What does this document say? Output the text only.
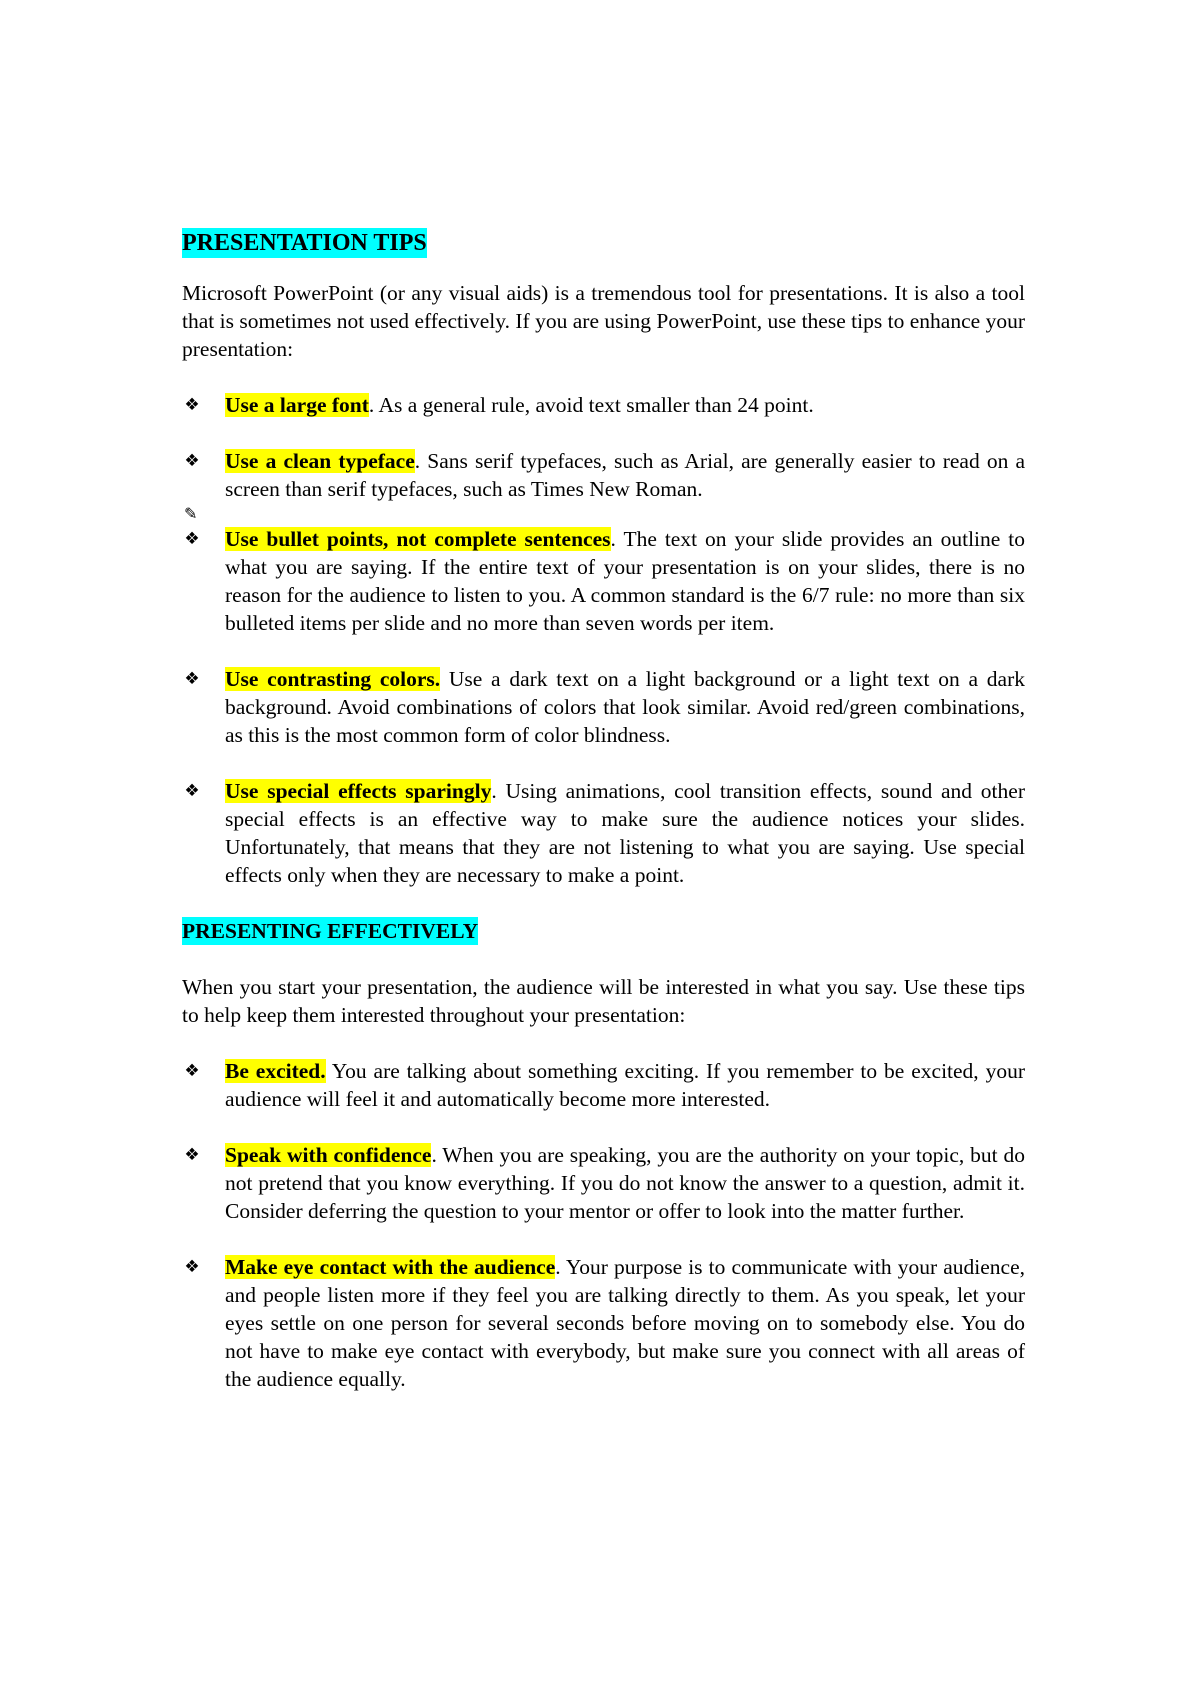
PRESENTATION TIPS

Microsoft PowerPoint (or any visual aids) is a tremendous tool for presentations. It is also a tool that is sometimes not used effectively. If you are using PowerPoint, use these tips to enhance your presentation:

❖ Use a large font. As a general rule, avoid text smaller than 24 point.
❖ Use a clean typeface. Sans serif typefaces, such as Arial, are generally easier to read on a screen than serif typefaces, such as Times New Roman.
✎
❖ Use bullet points, not complete sentences. The text on your slide provides an outline to what you are saying. If the entire text of your presentation is on your slides, there is no reason for the audience to listen to you. A common standard is the 6/7 rule: no more than six bulleted items per slide and no more than seven words per item.
❖ Use contrasting colors. Use a dark text on a light background or a light text on a dark background. Avoid combinations of colors that look similar. Avoid red/green combinations, as this is the most common form of color blindness.
❖ Use special effects sparingly. Using animations, cool transition effects, sound and other special effects is an effective way to make sure the audience notices your slides. Unfortunately, that means that they are not listening to what you are saying. Use special effects only when they are necessary to make a point.
PRESENTING EFFECTIVELY

When you start your presentation, the audience will be interested in what you say. Use these tips to help keep them interested throughout your presentation:

❖ Be excited. You are talking about something exciting. If you remember to be excited, your audience will feel it and automatically become more interested.
❖ Speak with confidence. When you are speaking, you are the authority on your topic, but do not pretend that you know everything. If you do not know the answer to a question, admit it. Consider deferring the question to your mentor or offer to look into the matter further.
❖ Make eye contact with the audience. Your purpose is to communicate with your audience, and people listen more if they feel you are talking directly to them. As you speak, let your eyes settle on one person for several seconds before moving on to somebody else. You do not have to make eye contact with everybody, but make sure you connect with all areas of the audience equally.
